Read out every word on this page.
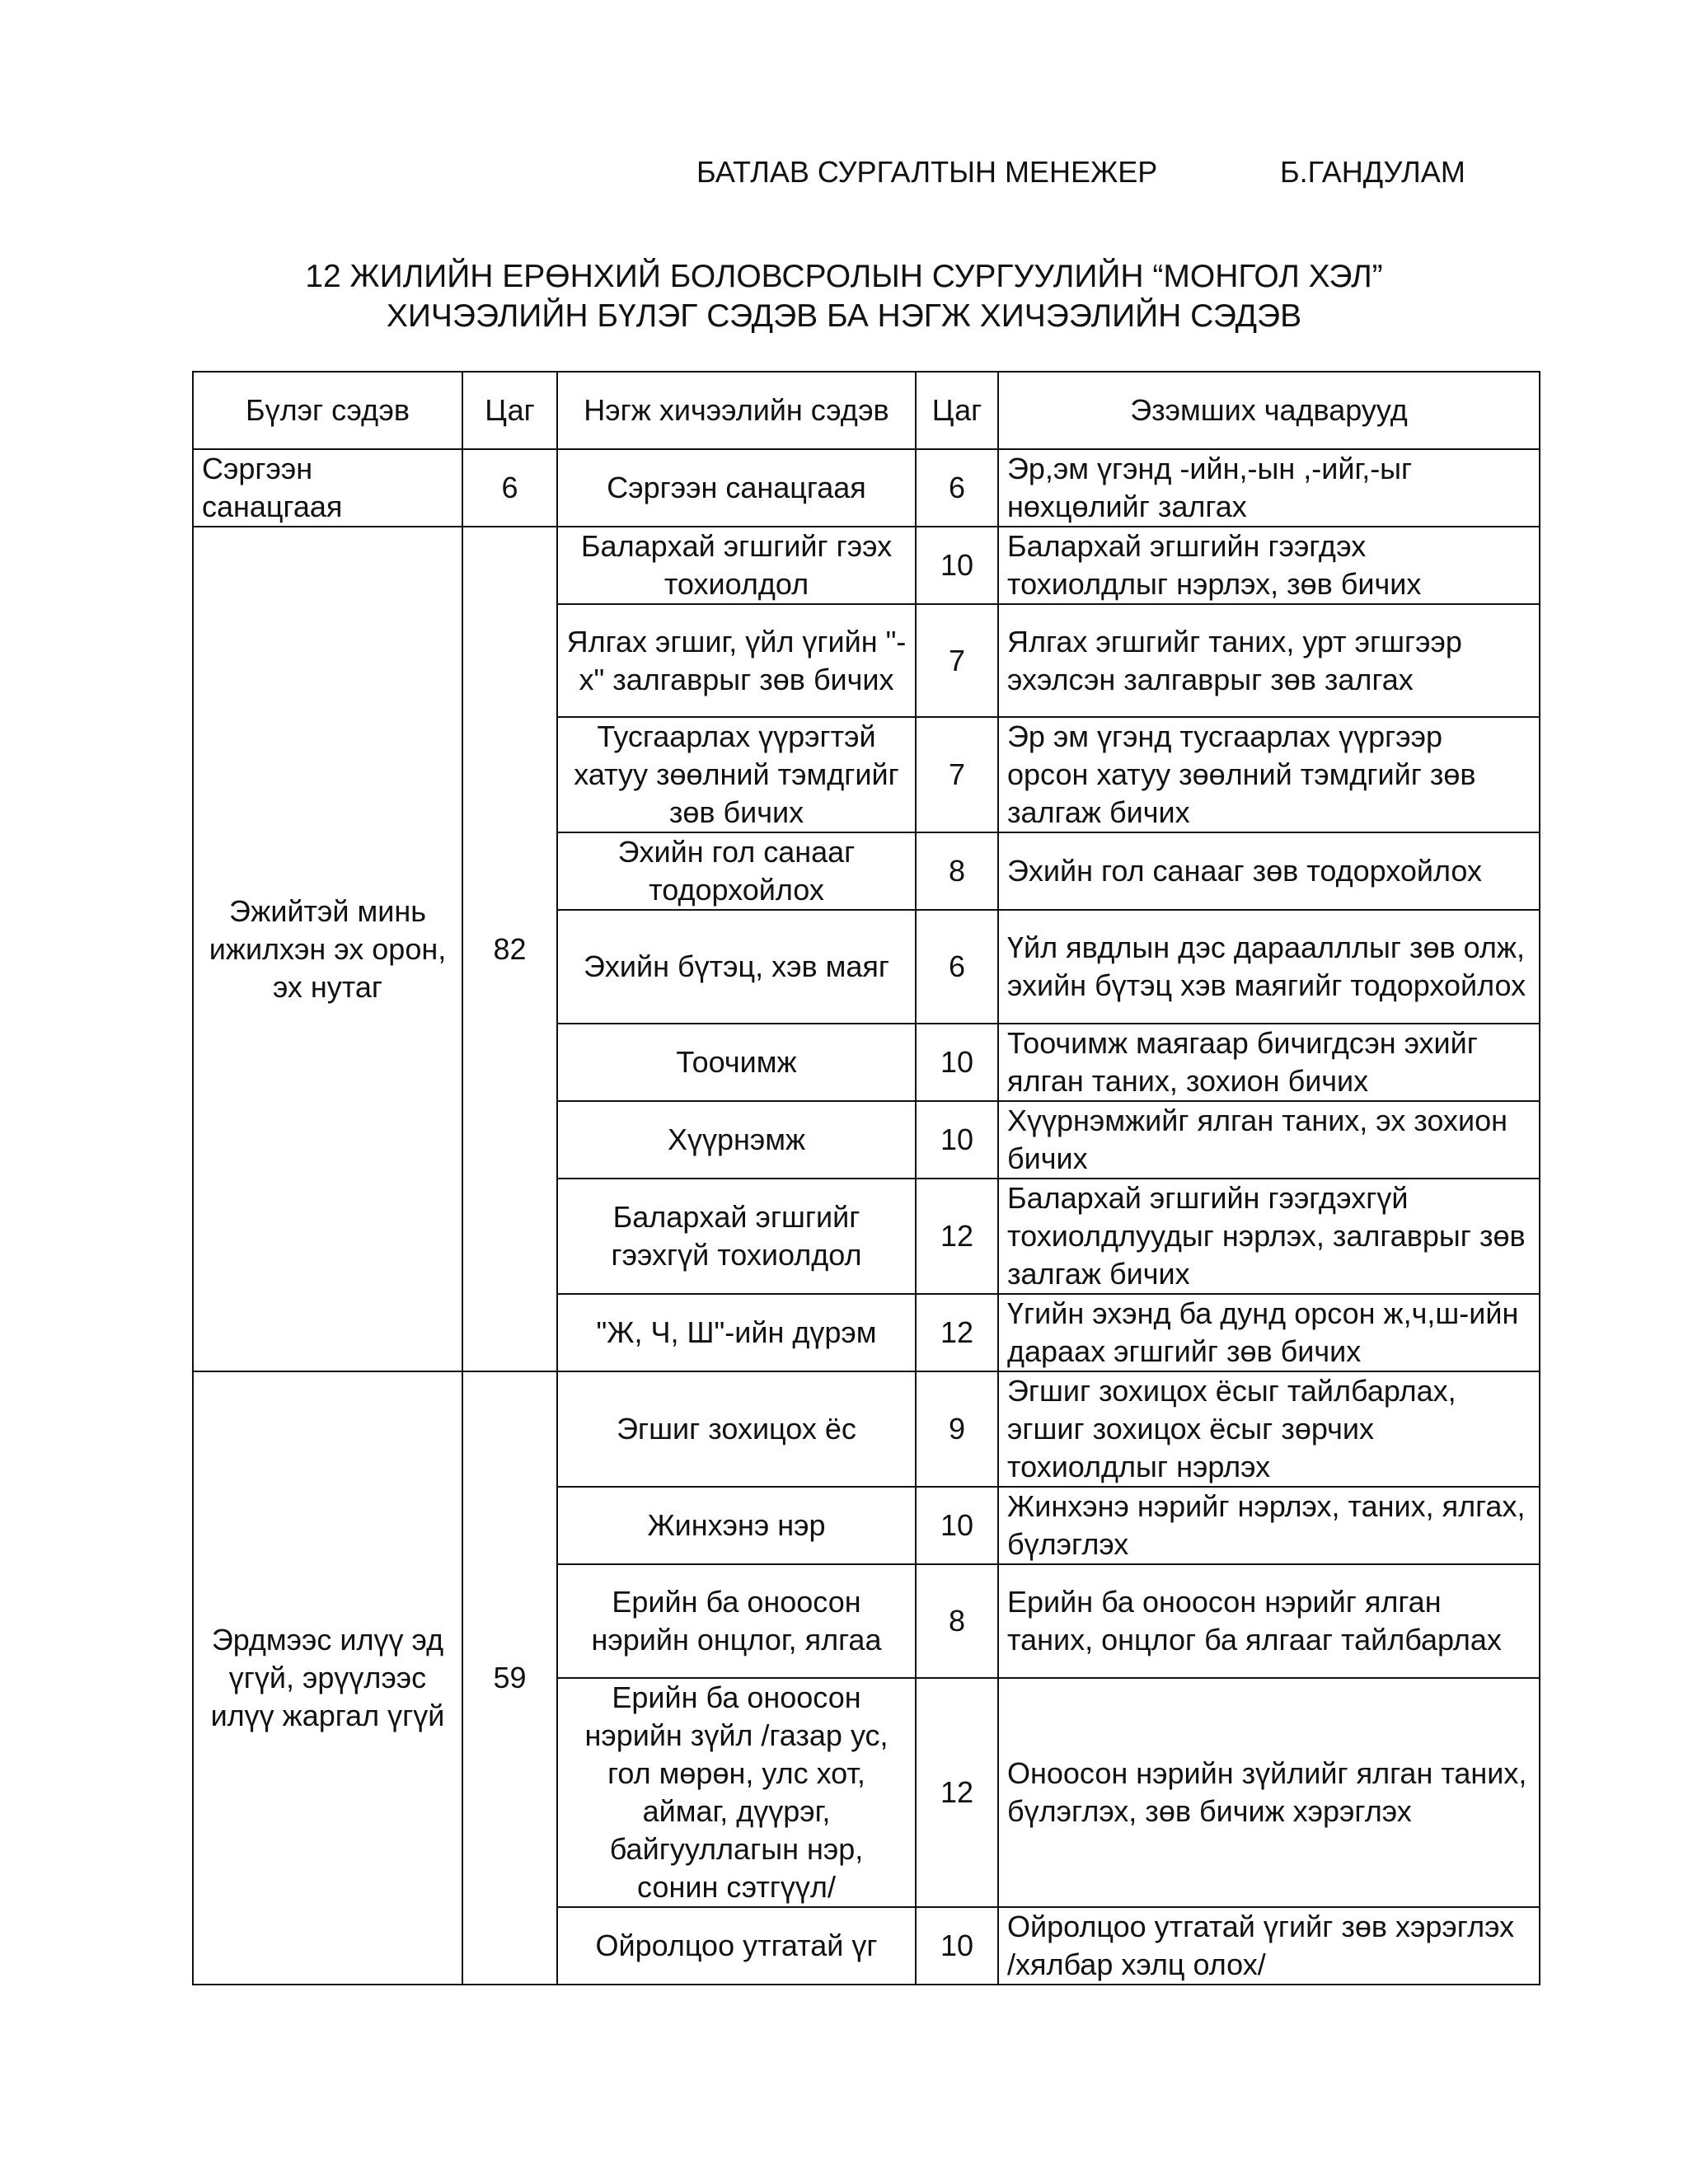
БАТЛАВ СУРГАЛТЫН МЕНЕЖЕР	Б.ГАНДУЛАМ
12 ЖИЛИЙН ЕРӨНХИЙ БОЛОВСРОЛЫН СУРГУУЛИЙН “МОНГОЛ ХЭЛ”
ХИЧЭЭЛИЙН БҮЛЭГ СЭДЭВ БА НЭГЖ ХИЧЭЭЛИЙН СЭДЭВ
Бүлэг сэдэв	Цаг	Нэгж хичээлийн сэдэв	Цаг	Эзэмших чадварууд
Сэргээн санацгаая	6	Сэргээн санацгаая	6	Эр,эм үгэнд -ийн,-ын ,-ийг,-ыг нөхцөлийг залгах
Эжийтэй минь ижилхэн эх орон, эх нутаг	82	Баларxай эгшгийг гээх тохиолдол	10	Баларxай эгшгийн гээгдэх тохиолдлыг нэрлэх, зөв бичих
		Ялгах эгшиг, үйл үгийн "-х" залгаврыг зөв бичих	7	Ялгах эгшгийг таних, урт эгшгээр эхэлсэн залгаврыг зөв залгах
		Тусгаарлах үүрэгтэй хатуу зөөлний тэмдгийг зөв бичих	7	Эр эм үгэнд тусгаарлах үүргээр орсон хатуу зөөлний тэмдгийг зөв залгаж бичих
		Эхийн гол санааг тодорхойлох	8	Эхийн гол санааг зөв тодорхойлох
		Эхийн бүтэц, хэв маяг	6	Үйл явдлын дэс дараалллыг зөв олж, эхийн бүтэц хэв маягийг тодорхойлох
		Тоочимж	10	Тоочимж маягаар бичигдсэн эхийг ялган таних, зохион бичих
		Хүүрнэмж	10	Хүүрнэмжийг ялган таних, эх зохион бичих
		Баларxай эгшгийг гээхгүй тохиолдол	12	Баларxай эгшгийн гээгдэхгүй тохиолдлуудыг нэрлэх, залгаврыг зөв залгаж бичих
		"Ж, Ч, Ш"-ийн дүрэм	12	Үгийн эхэнд ба дунд орсон ж,ч,ш-ийн дараах эгшгийг зөв бичих
Эрдмээс илүү эд үгүй, эрүүлээс илүү жаргал үгүй	59	Эгшиг зохицох ёс	9	Эгшиг зохицох ёсыг тайлбарлах, эгшиг зохицох ёсыг зөрчих тохиолдлыг нэрлэх
		Жинхэнэ нэр	10	Жинхэнэ нэрийг нэрлэх, таних, ялгах, бүлэглэх
		Ерийн ба оноосон нэрийн онцлог, ялгаа	8	Ерийн ба оноосон нэрийг ялган таних, онцлог ба ялгааг тайлбарлах
		Ерийн ба оноосон нэрийн зүйл /газар ус, гол мөрөн, улс хот, аймаг, дүүрэг, байгууллагын нэр, сонин сэтгүүл/	12	Оноосон нэрийн зүйлийг ялган таних, бүлэглэх, зөв бичиж хэрэглэх
		Ойролцоо утгатай үг	10	Ойролцоо утгатай үгийг зөв хэрэглэх /хялбар хэлц олох/
